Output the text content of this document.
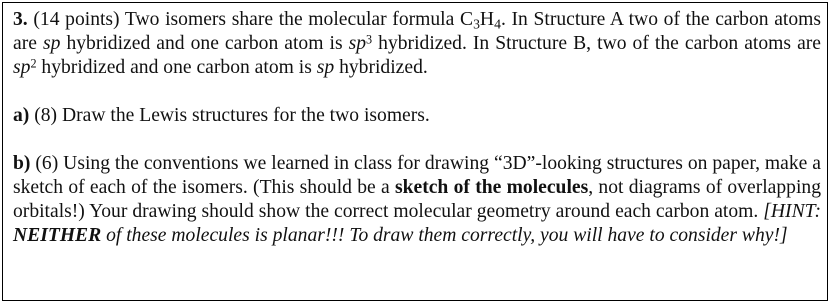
3. (14 points) Two isomers share the molecular formula $C_3H_4$. In Structure A two of the carbon atoms are sp hybridized and one carbon atom is $sp^3$ hybridized. In Structure B, two of the carbon atoms are $sp^2$ hybridized and one carbon atom is sp hybridized.

a) (8) Draw the Lewis structures for the two isomers.

b) (6) Using the conventions we learned in class for drawing “3D”-looking structures on paper, make a sketch of each of the isomers. (This should be a sketch of the molecules, not diagrams of overlapping orbitals!) Your drawing should show the correct molecular geometry around each carbon atom. [HINT: NEITHER of these molecules is planar!!! To draw them correctly, you will have to consider why!]
